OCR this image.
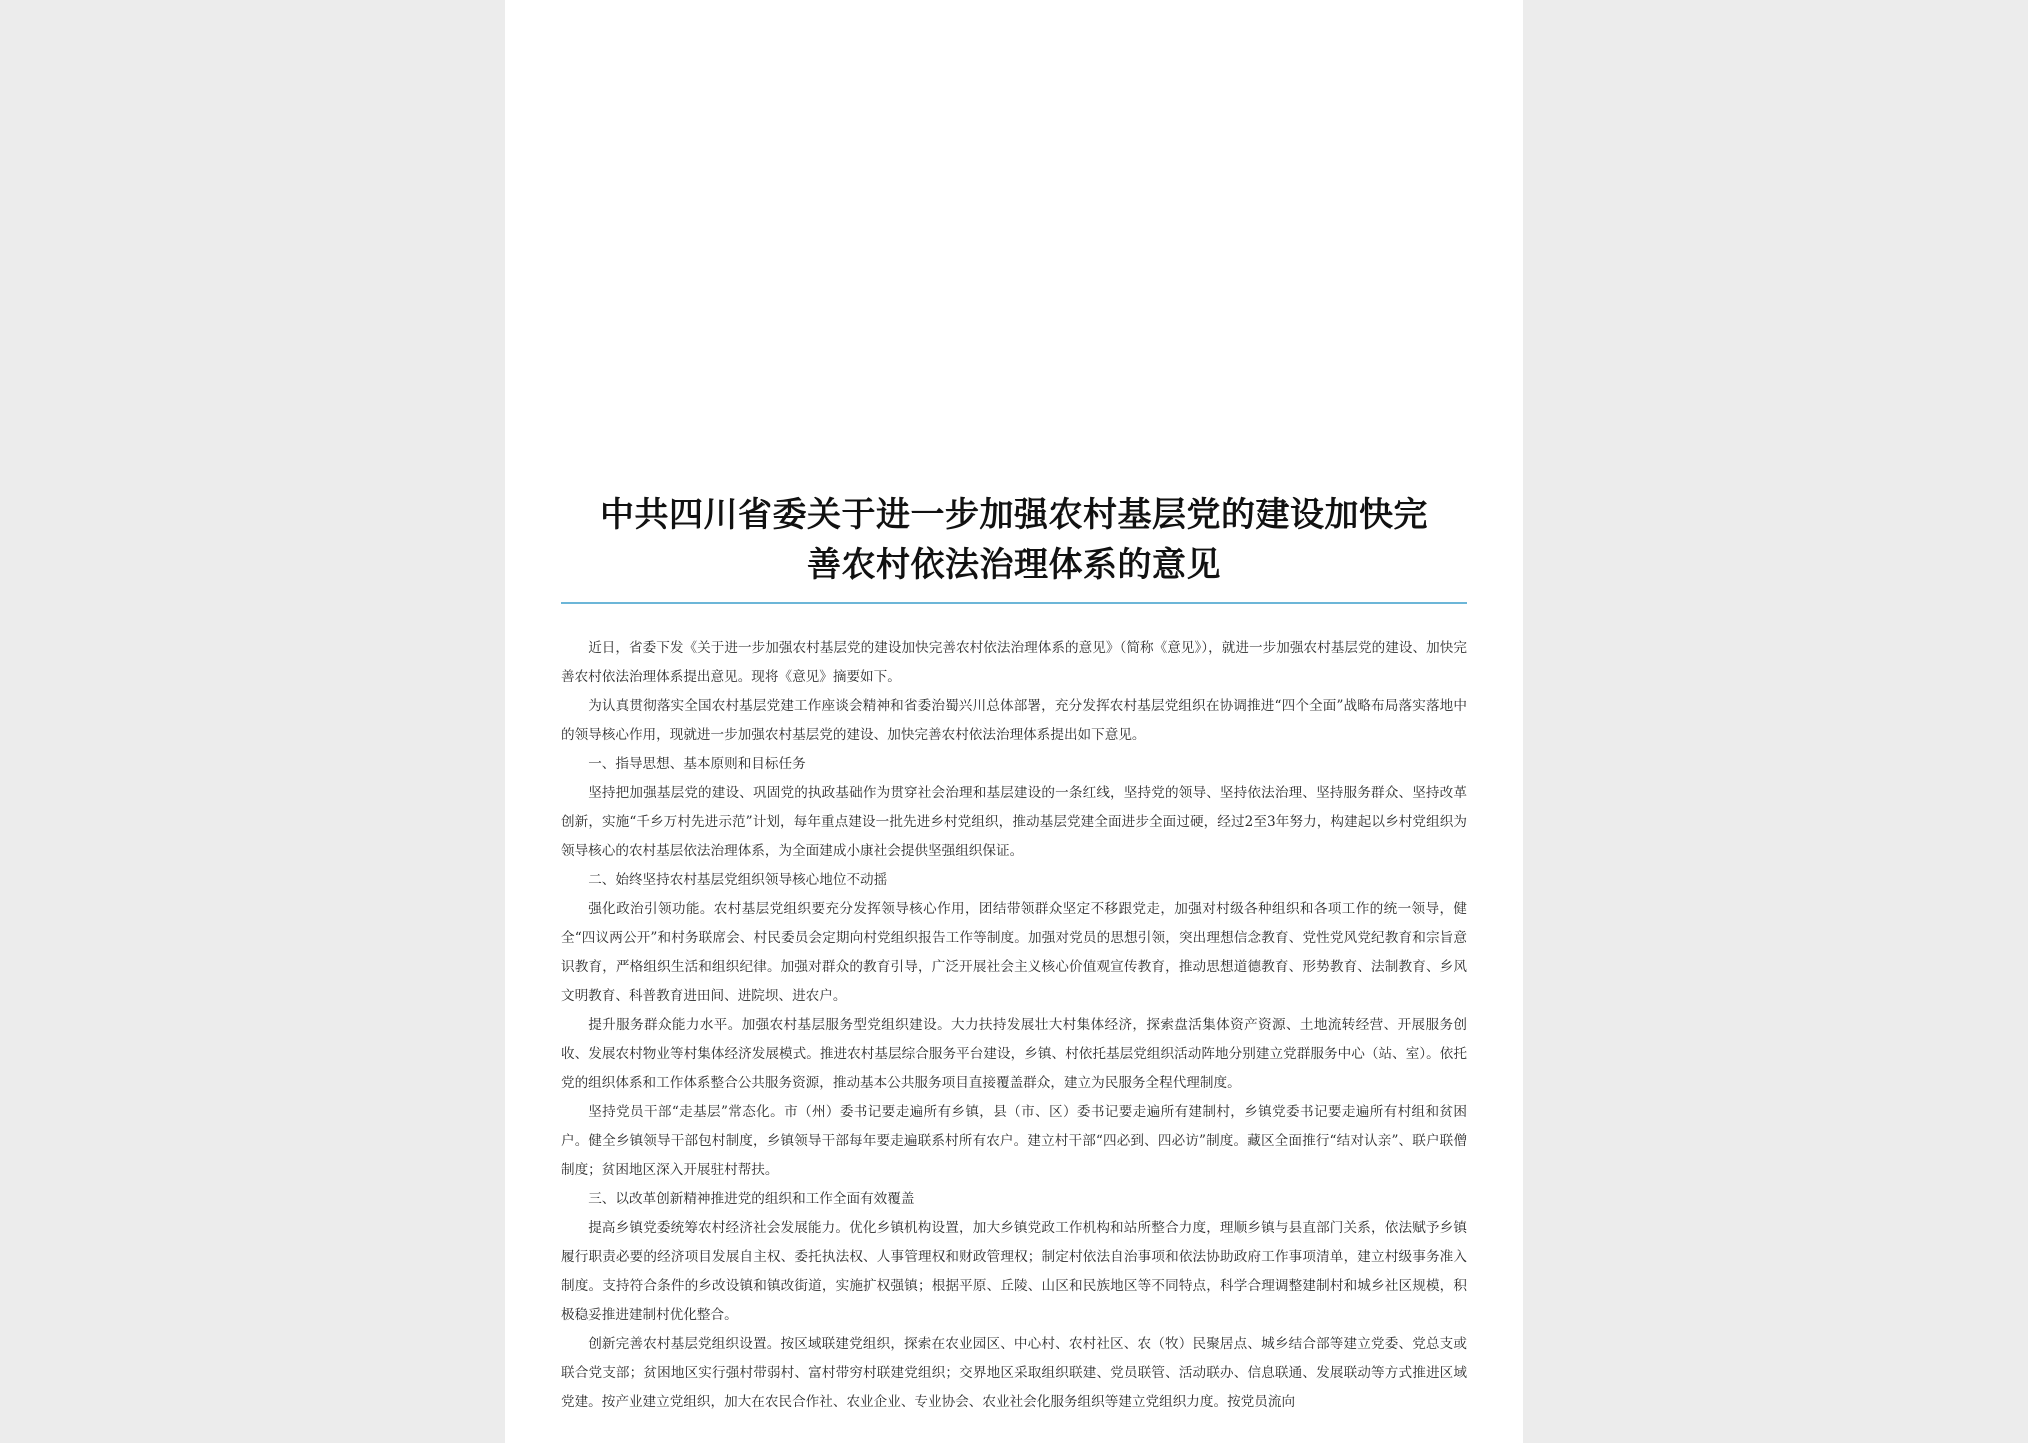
中共四川省委关于进一步加强农村基层党的建设加快完
善农村依法治理体系的意见

近日，省委下发《关于进一步加强农村基层党的建设加快完善农村依法治理体系的意见》（简称《意见》），就进一步加强农村基层党的建设、加快完善农村依法治理体系提出意见。现将《意见》摘要如下。

为认真贯彻落实全国农村基层党建工作座谈会精神和省委治蜀兴川总体部署，充分发挥农村基层党组织在协调推进“四个全面”战略布局落实落地中的领导核心作用，现就进一步加强农村基层党的建设、加快完善农村依法治理体系提出如下意见。

一、指导思想、基本原则和目标任务

坚持把加强基层党的建设、巩固党的执政基础作为贯穿社会治理和基层建设的一条红线，坚持党的领导、坚持依法治理、坚持服务群众、坚持改革创新，实施“千乡万村先进示范”计划，每年重点建设一批先进乡村党组织，推动基层党建全面进步全面过硬，经过2至3年努力，构建起以乡村党组织为领导核心的农村基层依法治理体系，为全面建成小康社会提供坚强组织保证。

二、始终坚持农村基层党组织领导核心地位不动摇

强化政治引领功能。农村基层党组织要充分发挥领导核心作用，团结带领群众坚定不移跟党走，加强对村级各种组织和各项工作的统一领导，健全“四议两公开”和村务联席会、村民委员会定期向村党组织报告工作等制度。加强对党员的思想引领，突出理想信念教育、党性党风党纪教育和宗旨意识教育，严格组织生活和组织纪律。加强对群众的教育引导，广泛开展社会主义核心价值观宣传教育，推动思想道德教育、形势教育、法制教育、乡风文明教育、科普教育进田间、进院坝、进农户。

提升服务群众能力水平。加强农村基层服务型党组织建设。大力扶持发展壮大村集体经济，探索盘活集体资产资源、土地流转经营、开展服务创收、发展农村物业等村集体经济发展模式。推进农村基层综合服务平台建设，乡镇、村依托基层党组织活动阵地分别建立党群服务中心（站、室）。依托党的组织体系和工作体系整合公共服务资源，推动基本公共服务项目直接覆盖群众，建立为民服务全程代理制度。

坚持党员干部“走基层”常态化。市（州）委书记要走遍所有乡镇，县（市、区）委书记要走遍所有建制村，乡镇党委书记要走遍所有村组和贫困户。健全乡镇领导干部包村制度，乡镇领导干部每年要走遍联系村所有农户。建立村干部“四必到、四必访”制度。藏区全面推行“结对认亲”、联户联僧制度；贫困地区深入开展驻村帮扶。

三、以改革创新精神推进党的组织和工作全面有效覆盖

提高乡镇党委统筹农村经济社会发展能力。优化乡镇机构设置，加大乡镇党政工作机构和站所整合力度，理顺乡镇与县直部门关系，依法赋予乡镇履行职责必要的经济项目发展自主权、委托执法权、人事管理权和财政管理权；制定村依法自治事项和依法协助政府工作事项清单，建立村级事务准入制度。支持符合条件的乡改设镇和镇改街道，实施扩权强镇；根据平原、丘陵、山区和民族地区等不同特点，科学合理调整建制村和城乡社区规模，积极稳妥推进建制村优化整合。

创新完善农村基层党组织设置。按区域联建党组织，探索在农业园区、中心村、农村社区、农（牧）民聚居点、城乡结合部等建立党委、党总支或联合党支部；贫困地区实行强村带弱村、富村带穷村联建党组织；交界地区采取组织联建、党员联管、活动联办、信息联通、发展联动等方式推进区域党建。按产业建立党组织，加大在农民合作社、农业企业、专业协会、农业社会化服务组织等建立党组织力度。按党员流向
